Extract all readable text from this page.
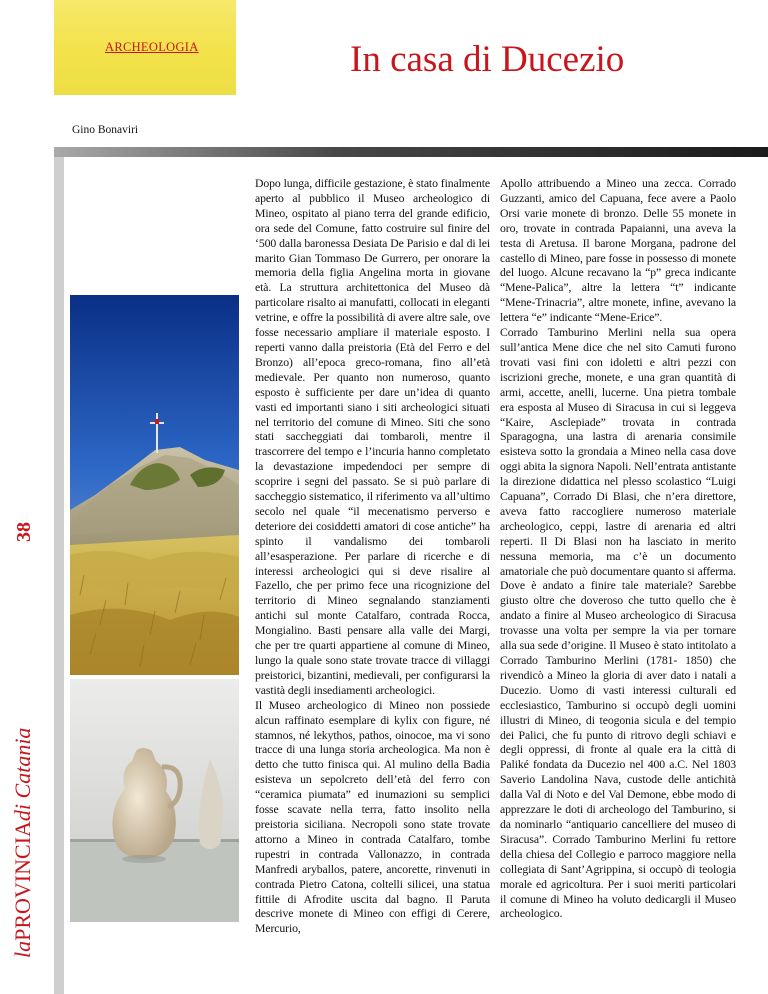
ARCHEOLOGIA	In casa di Ducezio
Gino Bonaviri
38
laPROVINCIAdi Catania

Dopo lunga, difficile gestazione, è stato finalmente aperto al pubblico il Museo archeologico di Mineo, ospitato al piano terra del grande edificio, ora sede del Comune, fatto costruire sul finire del ‘500 dalla baronessa Desiata De Parisio e dal di lei marito Gian Tommaso De Gurrero, per onorare la memoria della figlia Angelina morta in giovane età. La struttura architettonica del Museo dà particolare risalto ai manufatti, collocati in eleganti vetrine, e offre la possibilità di avere altre sale, ove fosse necessario ampliare il materiale esposto. I reperti vanno dalla preistoria (Età del Ferro e del Bronzo) all’epoca greco-romana, fino all’età medievale. Per quanto non numeroso, quanto esposto è sufficiente per dare un’idea di quanto vasti ed importanti siano i siti archeologici situati nel territorio del comune di Mineo. Siti che sono stati saccheggiati dai tombaroli, mentre il trascorrere del tempo e l’incuria hanno completato la devastazione impedendoci per sempre di scoprire i segni del passato. Se si può parlare di saccheggio sistematico, il riferimento va all’ultimo secolo nel quale “il mecenatismo perverso e deteriore dei cosiddetti amatori di cose antiche” ha spinto il vandalismo dei tombaroli all’esasperazione. Per parlare di ricerche e di interessi archeologici qui si deve risalire al Fazello, che per primo fece una ricognizione del territorio di Mineo segnalando stanziamenti antichi sul monte Catalfaro, contrada Rocca, Mongialino. Basti pensare alla valle dei Margi, che per tre quarti appartiene al comune di Mineo, lungo la quale sono state trovate tracce di villaggi preistorici, bizantini, medievali, per configurarsi la vastità degli insediamenti archeologici.

Il Museo archeologico di Mineo non possiede alcun raffinato esemplare di kylix con figure, né stamnos, né lekythos, pathos, oinocoe, ma vi sono tracce di una lunga storia archeologica. Ma non è detto che tutto finisca qui. Al mulino della Badia esisteva un sepolcreto dell’età del ferro con “ceramica piumata” ed inumazioni su semplici fosse scavate nella terra, fatto insolito nella preistoria siciliana. Necropoli sono state trovate attorno a Mineo in contrada Catalfaro, tombe rupestri in contrada Vallonazzo, in contrada Manfredi aryballos, patere, ancorette, rinvenuti in contrada Pietro Catona, coltelli silicei, una statua fittile di Afrodite uscita dal bagno. Il Paruta descrive monete di Mineo con effigi di Cerere, Mercurio,

Apollo attribuendo a Mineo una zecca. Corrado Guzzanti, amico del Capuana, fece avere a Paolo Orsi varie monete di bronzo. Delle 55 monete in oro, trovate in contrada Papaianni, una aveva la testa di Aretusa. Il barone Morgana, padrone del castello di Mineo, pare fosse in possesso di monete del luogo. Alcune recavano la “p” greca indicante “Mene-Palica”, altre la lettera “t” indicante “Mene-Trinacria”, altre monete, infine, avevano la lettera “e” indicante “Mene-Erice”.

Corrado Tamburino Merlini nella sua opera sull’antica Mene dice che nel sito Camuti furono trovati vasi fini con idoletti e altri pezzi con iscrizioni greche, monete, e una gran quantità di armi, accette, anelli, lucerne. Una pietra tombale era esposta al Museo di Siracusa in cui si leggeva “Kaire, Asclepiade” trovata in contrada Sparagogna, una lastra di arenaria consimile esisteva sotto la grondaia a Mineo nella casa dove oggi abita la signora Napoli. Nell’entrata antistante la direzione didattica nel plesso scolastico “Luigi Capuana”, Corrado Di Blasi, che n’era direttore, aveva fatto raccogliere numeroso materiale archeologico, ceppi, lastre di arenaria ed altri reperti. Il Di Blasi non ha lasciato in merito nessuna memoria, ma c’è un documento amatoriale che può documentare quanto si afferma. Dove è andato a finire tale materiale? Sarebbe giusto oltre che doveroso che tutto quello che è andato a finire al Museo archeologico di Siracusa trovasse una volta per sempre la via per tornare alla sua sede d’origine. Il Museo è stato intitolato a Corrado Tamburino Merlini (1781- 1850) che rivendicò a Mineo la gloria di aver dato i natali a Ducezio. Uomo di vasti interessi culturali ed ecclesiastico, Tamburino si occupò degli uomini illustri di Mineo, di teogonia sicula e del tempio dei Palici, che fu punto di ritrovo degli schiavi e degli oppressi, di fronte al quale era la città di Paliké fondata da Ducezio nel 400 a.C. Nel 1803 Saverio Landolina Nava, custode delle antichità dalla Val di Noto e del Val Demone, ebbe modo di apprezzare le doti di archeologo del Tamburino, si da nominarlo “antiquario cancelliere del museo di Siracusa”. Corrado Tamburino Merlini fu rettore della chiesa del Collegio e parroco maggiore nella collegiata di Sant’Agrippina, si occupò di teologia morale ed agricoltura. Per i suoi meriti particolari il comune di Mineo ha voluto dedicargli il Museo archeologico.
